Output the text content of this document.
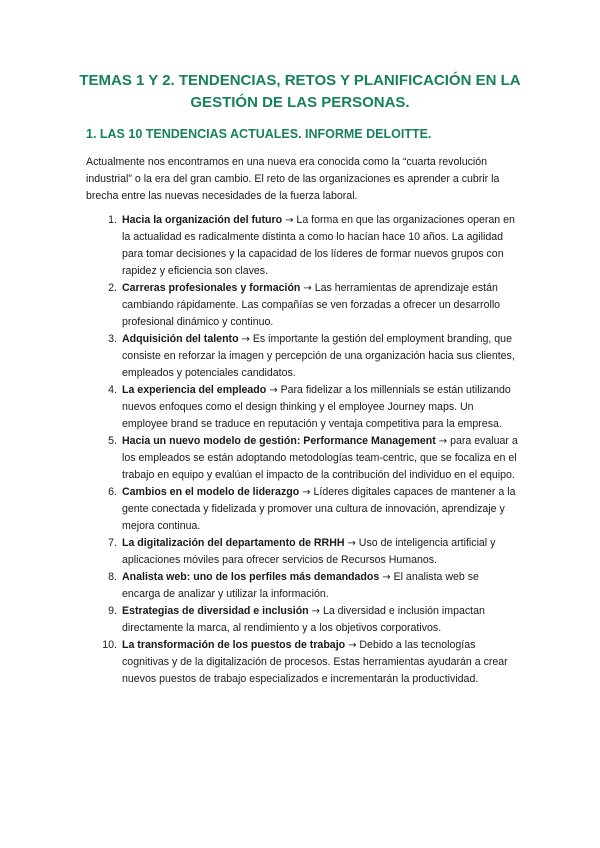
TEMAS 1 Y 2. TENDENCIAS, RETOS Y PLANIFICACIÓN EN LA GESTIÓN DE LAS PERSONAS.
1. LAS 10 TENDENCIAS ACTUALES. INFORME DELOITTE.

Actualmente nos encontramos en una nueva era conocida como la “cuarta revolución industrial” o la era del gran cambio. El reto de las organizaciones es aprender a cubrir la brecha entre las nuevas necesidades de la fuerza laboral.

1. Hacia la organización del futuro → La forma en que las organizaciones operan en la actualidad es radicalmente distinta a como lo hacían hace 10 años. La agilidad para tomar decisiones y la capacidad de los líderes de formar nuevos grupos con rapidez y eficiencia son claves.
2. Carreras profesionales y formación → Las herramientas de aprendizaje están cambiando rápidamente. Las compañías se ven forzadas a ofrecer un desarrollo profesional dinámico y continuo.
3. Adquisición del talento → Es importante la gestión del employment branding, que consiste en reforzar la imagen y percepción de una organización hacia sus clientes, empleados y potenciales candidatos.
4. La experiencia del empleado → Para fidelizar a los millennials se están utilizando nuevos enfoques como el design thinking y el employee Journey maps. Un employee brand se traduce en reputación y ventaja competitiva para la empresa.
5. Hacia un nuevo modelo de gestión: Performance Management → para evaluar a los empleados se están adoptando metodologías team-centric, que se focaliza en el trabajo en equipo y evalúan el impacto de la contribución del individuo en el equipo.
6. Cambios en el modelo de liderazgo → Líderes digitales capaces de mantener a la gente conectada y fidelizada y promover una cultura de innovación, aprendizaje y mejora continua.
7. La digitalización del departamento de RRHH → Uso de inteligencia artificial y aplicaciones móviles para ofrecer servicios de Recursos Humanos.
8. Analista web: uno de los perfiles más demandados → El analista web se encarga de analizar y utilizar la información.
9. Estrategias de diversidad e inclusión → La diversidad e inclusión impactan directamente la marca, al rendimiento y a los objetivos corporativos.
10. La transformación de los puestos de trabajo → Debido a las tecnologías cognitivas y de la digitalización de procesos. Estas herramientas ayudarán a crear nuevos puestos de trabajo especializados e incrementarán la productividad.
